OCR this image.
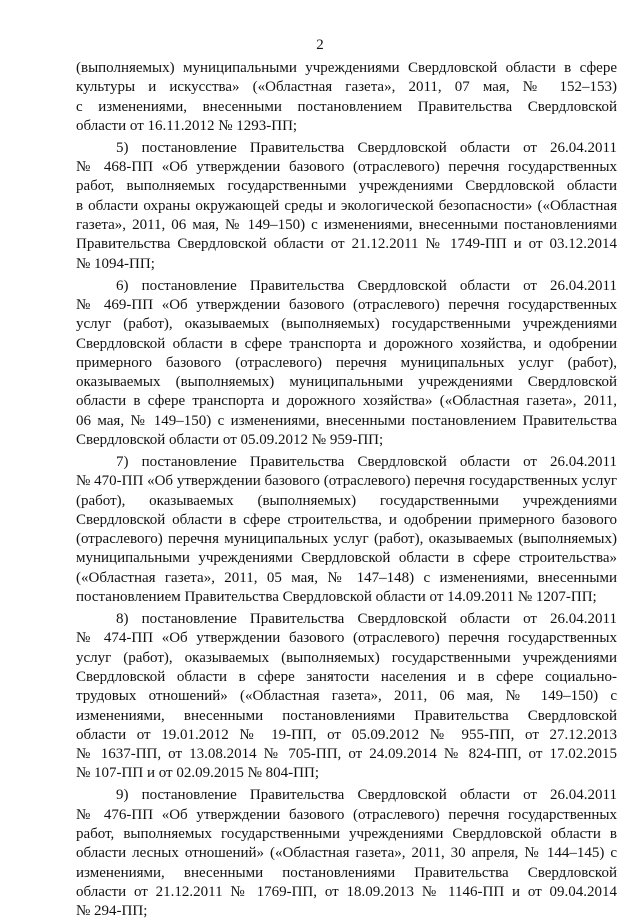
2
(выполняемых) муниципальными учреждениями Свердловской области в сфере
культуры и искусства» («Областная газета», 2011, 07 мая, № 152–153)
с изменениями, внесенными постановлением Правительства Свердловской
области от 16.11.2012 № 1293-ПП;
5) постановление Правительства Свердловской области от 26.04.2011
№ 468-ПП «Об утверждении базового (отраслевого) перечня государственных
работ, выполняемых государственными учреждениями Свердловской области
в области охраны окружающей среды и экологической безопасности» («Областная
газета», 2011, 06 мая, № 149–150) с изменениями, внесенными постановлениями
Правительства Свердловской области от 21.12.2011 № 1749-ПП и от 03.12.2014
№ 1094-ПП;
6) постановление Правительства Свердловской области от 26.04.2011
№ 469-ПП «Об утверждении базового (отраслевого) перечня государственных
услуг (работ), оказываемых (выполняемых) государственными учреждениями
Свердловской области в сфере транспорта и дорожного хозяйства, и одобрении
примерного базового (отраслевого) перечня муниципальных услуг (работ),
оказываемых (выполняемых) муниципальными учреждениями Свердловской
области в сфере транспорта и дорожного хозяйства» («Областная газета», 2011,
06 мая, № 149–150) с изменениями, внесенными постановлением Правительства
Свердловской области от 05.09.2012 № 959-ПП;
7) постановление Правительства Свердловской области от 26.04.2011
№ 470-ПП «Об утверждении базового (отраслевого) перечня государственных услуг
(работ), оказываемых (выполняемых) государственными учреждениями
Свердловской области в сфере строительства, и одобрении примерного базового
(отраслевого) перечня муниципальных услуг (работ), оказываемых (выполняемых)
муниципальными учреждениями Свердловской области в сфере строительства»
(«Областная газета», 2011, 05 мая, № 147–148) с изменениями, внесенными
постановлением Правительства Свердловской области от 14.09.2011 № 1207-ПП;
8) постановление Правительства Свердловской области от 26.04.2011
№ 474-ПП «Об утверждении базового (отраслевого) перечня государственных
услуг (работ), оказываемых (выполняемых) государственными учреждениями
Свердловской области в сфере занятости населения и в сфере социально-
трудовых отношений» («Областная газета», 2011, 06 мая, № 149–150) с
изменениями, внесенными постановлениями Правительства Свердловской
области от 19.01.2012 № 19-ПП, от 05.09.2012 № 955-ПП, от 27.12.2013
№ 1637-ПП, от 13.08.2014 № 705-ПП, от 24.09.2014 № 824-ПП, от 17.02.2015
№ 107-ПП и от 02.09.2015 № 804-ПП;
9) постановление Правительства Свердловской области от 26.04.2011
№ 476-ПП «Об утверждении базового (отраслевого) перечня государственных
работ, выполняемых государственными учреждениями Свердловской области в
области лесных отношений» («Областная газета», 2011, 30 апреля, № 144–145) с
изменениями, внесенными постановлениями Правительства Свердловской
области от 21.12.2011 № 1769-ПП, от 18.09.2013 № 1146-ПП и от 09.04.2014
№ 294-ПП;
